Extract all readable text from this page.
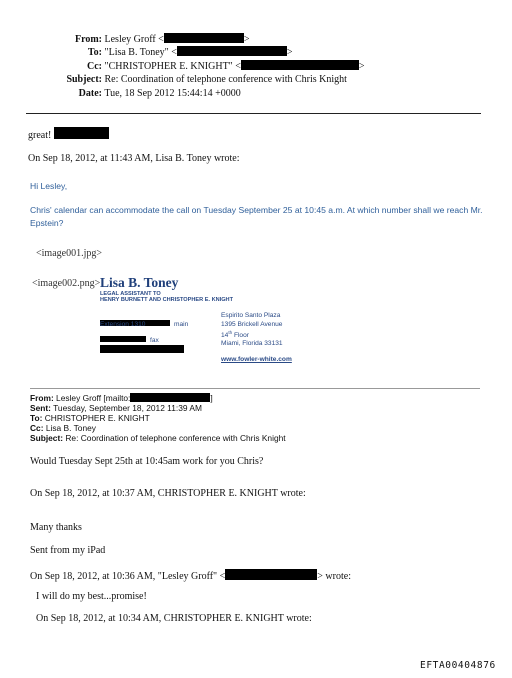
From: Lesley Groff <	>
To: "Lisa B. Toney" <	>
Cc: "CHRISTOPHER E. KNIGHT" <	>
Subject: Re: Coordination of telephone conference with Chris Knight
Date: Tue, 18 Sep 2012 15:44:14 +0000
great!
On Sep 18, 2012, at 11:43 AM, Lisa B. Toney wrote:
Hi Lesley,
Chris' calendar can accommodate the call on Tuesday September 25 at 10:45 a.m. At which number shall we reach Mr.
Epstein?
<image001.jpg>
<image002.png> Lisa B. Toney
LEGAL ASSISTANT TO
HENRY BURNETT AND CHRISTOPHER E. KNIGHT
main
Extension 1310
fax
Espirito Santo Plaza
1395 Brickell Avenue
14th Floor
Miami, Florida 33131
www.fowler-white.com
From: Lesley Groff [mailto:	]
Sent: Tuesday, September 18, 2012 11:39 AM
To: CHRISTOPHER E. KNIGHT
Cc: Lisa B. Toney
Subject: Re: Coordination of telephone conference with Chris Knight
Would Tuesday Sept 25th at 10:45am work for you Chris?
On Sep 18, 2012, at 10:37 AM, CHRISTOPHER E. KNIGHT wrote:
Many thanks
Sent from my iPad
On Sep 18, 2012, at 10:36 AM, "Lesley Groff" <	> wrote:
I will do my best...promise!
On Sep 18, 2012, at 10:34 AM, CHRISTOPHER E. KNIGHT wrote:
EFTA00404876
